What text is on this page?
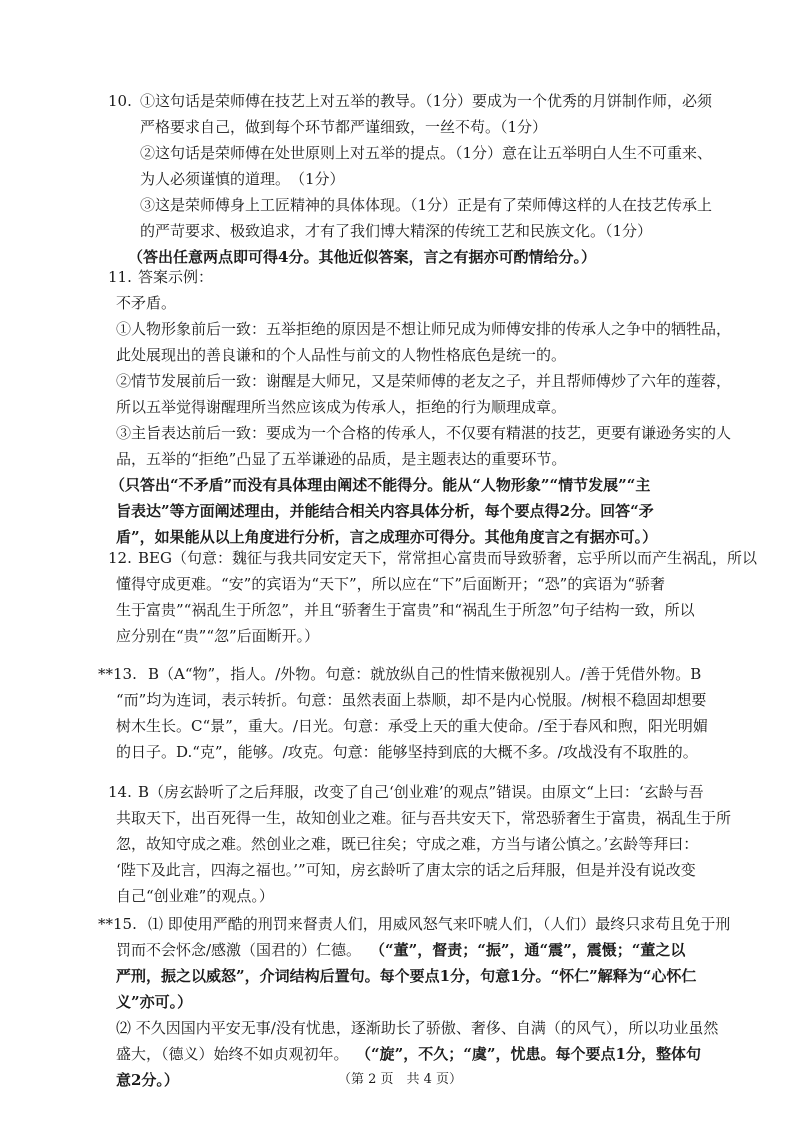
10. ①这句话是荣师傅在技艺上对五举的教导。（1分）要成为一个优秀的月饼制作师，必须
严格要求自己，做到每个环节都严谨细致，一丝不苟。（1分）
②这句话是荣师傅在处世原则上对五举的提点。（1分）意在让五举明白人生不可重来、
为人必须谨慎的道理。　（1分）
③这是荣师傅身上工匠精神的具体体现。（1分）正是有了荣师傅这样的人在技艺传承上
的严苛要求、极致追求，才有了我们博大精深的传统工艺和民族文化。（1分）
（答出任意两点即可得4分。其他近似答案，言之有据亦可酌情给分。）
11. 答案示例：
不矛盾。
①人物形象前后一致：五举拒绝的原因是不想让师兄成为师傅安排的传承人之争中的牺牲品，
此处展现出的善良谦和的个人品性与前文的人物性格底色是统一的。
②情节发展前后一致：谢醒是大师兄，又是荣师傅的老友之子，并且帮师傅炒了六年的莲蓉，
所以五举觉得谢醒理所当然应该成为传承人，拒绝的行为顺理成章。
③主旨表达前后一致：要成为一个合格的传承人，不仅要有精湛的技艺，更要有谦逊务实的人
品，五举的“拒绝”凸显了五举谦逊的品质，是主题表达的重要环节。
（只答出“不矛盾”而没有具体理由阐述不能得分。能从“人物形象”“情节发展”“主
旨表达”等方面阐述理由，并能结合相关内容具体分析，每个要点得2分。回答“矛
盾”，如果能从以上角度进行分析，言之成理亦可得分。其他角度言之有据亦可。）
12. BEG（句意：魏征与我共同安定天下，常常担心富贵而导致骄奢，忘乎所以而产生祸乱，所以
懂得守成更难。“安”的宾语为“天下”，所以应在“下”后面断开；“恐”的宾语为“骄奢
生于富贵”“祸乱生于所忽”，并且“骄奢生于富贵”和“祸乱生于所忽”句子结构一致，所以
应分别在“贵”“忽”后面断开。）
**13. B（A“物”，指人。/外物。句意：就放纵自己的性情来傲视别人。/善于凭借外物。B
“而”均为连词，表示转折。句意：虽然表面上恭顺，却不是内心悦服。/树根不稳固却想要
树木生长。C“景”，重大。/日光。句意：承受上天的重大使命。/至于春风和煦，阳光明媚
的日子。D.“克”，能够。/攻克。句意：能够坚持到底的大概不多。/攻战没有不取胜的。
14. B（房玄龄听了之后拜服，改变了自己‘创业难’的观点”错误。由原文“上曰：‘玄龄与吾
共取天下，出百死得一生，故知创业之难。征与吾共安天下，常恐骄奢生于富贵，祸乱生于所
忽，故知守成之难。然创业之难，既已往矣；守成之难，方当与诸公慎之。’玄龄等拜曰：
‘陛下及此言，四海之福也。’”可知，房玄龄听了唐太宗的话之后拜服，但是并没有说改变
自己“创业难”的观点。）
**15. ⑴ 即使用严酷的刑罚来督责人们，用威风怒气来吓唬人们，（人们）最终只求苟且免于刑
罚而不会怀念/感激（国君的）仁德。 （“董”，督责；“振”，通“震”，震慑；“董之以
严刑，振之以威怒”，介词结构后置句。每个要点1分，句意1分。“怀仁”解释为“心怀仁
义”亦可。）
⑵ 不久因国内平安无事/没有忧患，逐渐助长了骄傲、奢侈、自满（的风气），所以功业虽然
盛大，（德义）始终不如贞观初年。 （“旋”，不久；“虞”，忧患。每个要点1分，整体句
意2分。）	（第 2 页　共 4 页）
